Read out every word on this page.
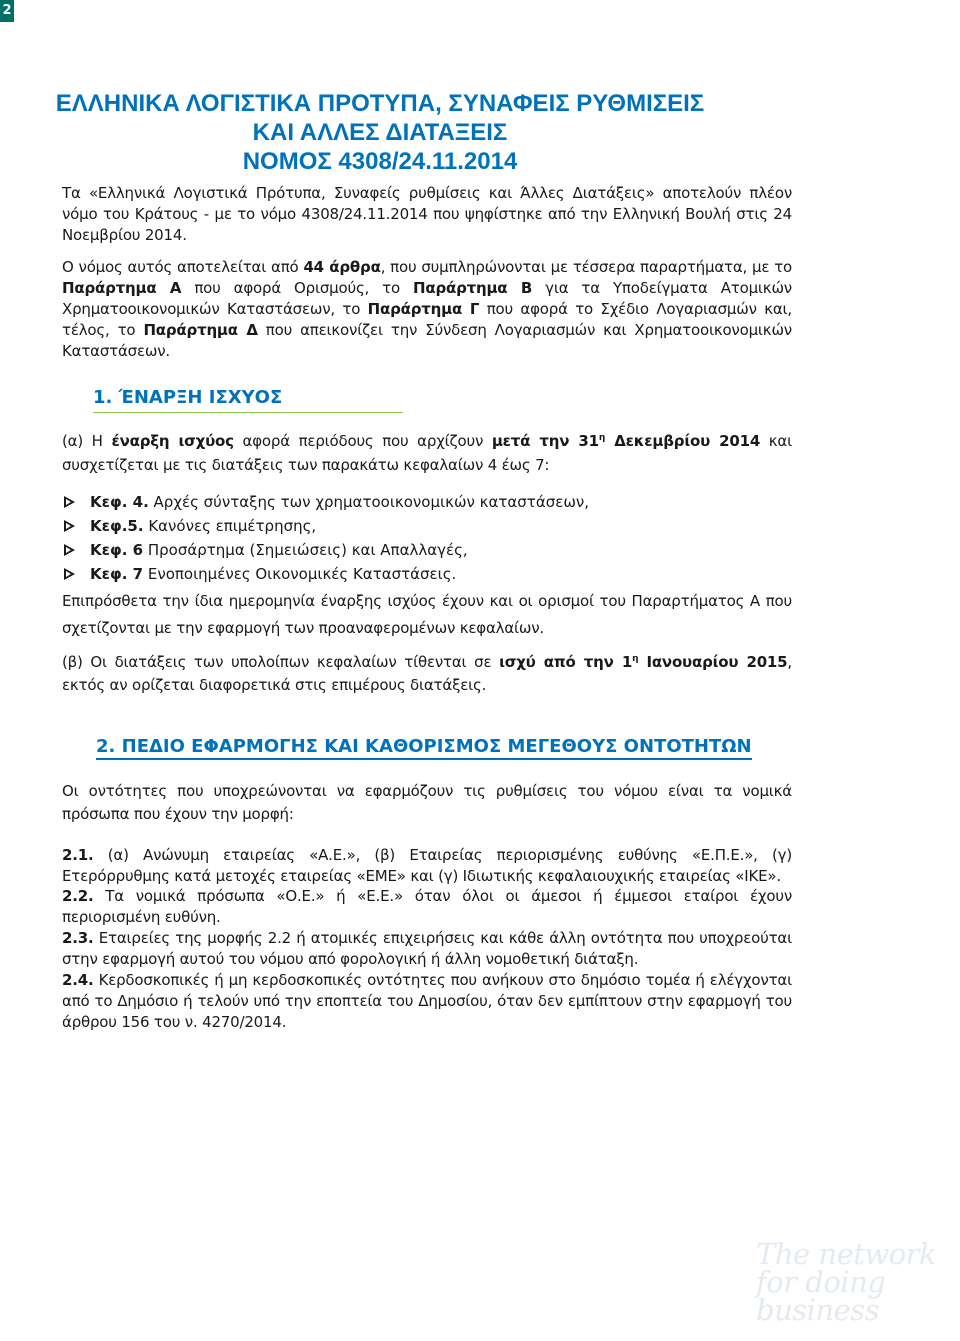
2
ΕΛΛΗΝΙΚΑ ΛΟΓΙΣΤΙΚΑ ΠΡΟΤΥΠΑ, ΣΥΝΑΦΕΙΣ ΡΥΘΜΙΣΕΙΣ
ΚΑΙ ΑΛΛΕΣ ΔΙΑΤΑΞΕΙΣ
ΝΟΜΟΣ 4308/24.11.2014

Τα «Ελληνικά Λογιστικά Πρότυπα, Συναφείς ρυθμίσεις και Άλλες Διατάξεις» αποτελούν πλέον νόμο του Κράτους - με το νόμο 4308/24.11.2014 που ψηφίστηκε από την Ελληνική Βουλή στις 24 Νοεμβρίου 2014.

Ο νόμος αυτός αποτελείται από 44 άρθρα, που συμπληρώνονται με τέσσερα παραρτήματα, με το Παράρτημα Α που αφορά Ορισμούς, το Παράρτημα Β για τα Υποδείγματα Ατομικών Χρηματοοικονομικών Καταστάσεων, το Παράρτημα Γ που αφορά το Σχέδιο Λογαριασμών και, τέλος, το Παράρτημα Δ που απεικονίζει την Σύνδεση Λογαριασμών και Χρηματοοικονομικών Καταστάσεων.

1. ΈΝΑΡΞΗ ΙΣΧΥΟΣ

(α) Η έναρξη ισχύος αφορά περιόδους που αρχίζουν μετά την $31^\eta$ Δεκεμβρίου 2014 και συσχετίζεται με τις διατάξεις των παρακάτω κεφαλαίων 4 έως 7:

Κεφ. 4. Αρχές σύνταξης των χρηματοοικονομικών καταστάσεων,
Κεφ.5. Κανόνες επιμέτρησης,
Κεφ. 6 Προσάρτημα (Σημειώσεις) και Απαλλαγές,
Κεφ. 7 Ενοποιημένες Οικονομικές Καταστάσεις.

Επιπρόσθετα την ίδια ημερομηνία έναρξης ισχύος έχουν και οι ορισμοί του Παραρτήματος Α που σχετίζονται με την εφαρμογή των προαναφερομένων κεφαλαίων.

(β) Οι διατάξεις των υπολοίπων κεφαλαίων τίθενται σε ισχύ από την $1^\eta$ Ιανουαρίου 2015, εκτός αν ορίζεται διαφορετικά στις επιμέρους διατάξεις.

2. ΠΕΔΙΟ ΕΦΑΡΜΟΓΗΣ ΚΑΙ ΚΑΘΟΡΙΣΜΟΣ ΜΕΓΕΘΟΥΣ ΟΝΤΟΤΗΤΩΝ

Οι οντότητες που υποχρεώνονται να εφαρμόζουν τις ρυθμίσεις του νόμου είναι τα νομικά πρόσωπα που έχουν την μορφή:

2.1. (α) Ανώνυμη εταιρείας «Α.Ε.», (β) Εταιρείας περιορισμένης ευθύνης «Ε.Π.Ε.», (γ) Ετερόρρυθμης κατά μετοχές εταιρείας «ΕΜΕ» και (γ) Ιδιωτικής κεφαλαιουχικής εταιρείας «ΙΚΕ».

2.2. Τα νομικά πρόσωπα «Ο.Ε.» ή «Ε.Ε.» όταν όλοι οι άμεσοι ή έμμεσοι εταίροι έχουν περιορισμένη ευθύνη.

2.3. Εταιρείες της μορφής 2.2 ή ατομικές επιχειρήσεις και κάθε άλλη οντότητα που υποχρεούται στην εφαρμογή αυτού του νόμου από φορολογική ή άλλη νομοθετική διάταξη.

2.4. Κερδοσκοπικές ή μη κερδοσκοπικές οντότητες που ανήκουν στο δημόσιο τομέα ή ελέγχονται από το Δημόσιο ή τελούν υπό την εποπτεία του Δημοσίου, όταν δεν εμπίπτουν στην εφαρμογή του άρθρου 156 του ν. 4270/2014.

The network
for doing
business
